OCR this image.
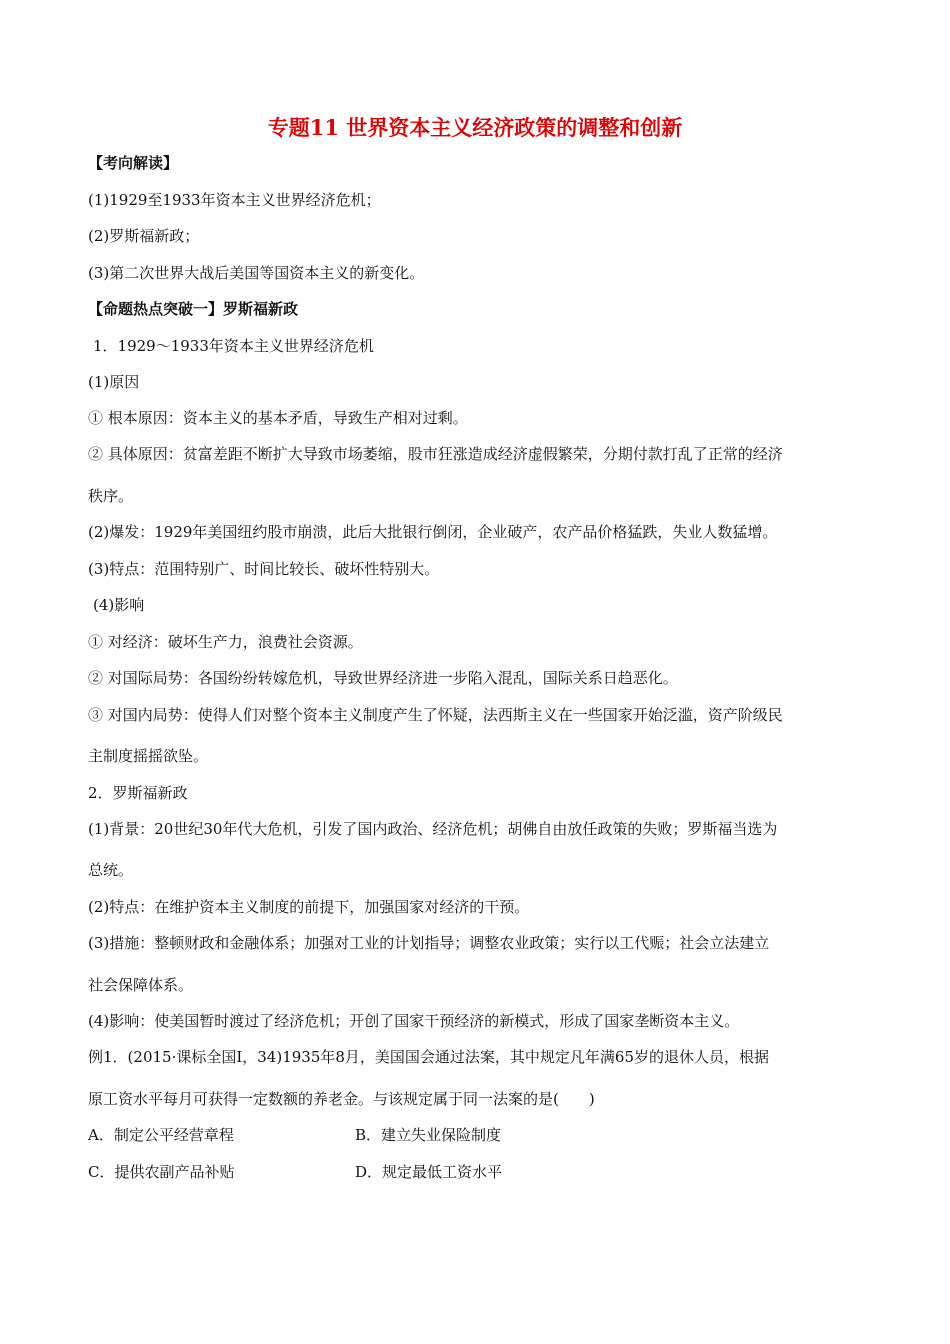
专题11 世界资本主义经济政策的调整和创新
【考向解读】
(1)1929至1933年资本主义世界经济危机；
(2)罗斯福新政；
(3)第二次世界大战后美国等国资本主义的新变化。
【命题热点突破一】罗斯福新政
1．1929～1933年资本主义世界经济危机
(1)原因
① 根本原因：资本主义的基本矛盾，导致生产相对过剩。
② 具体原因：贫富差距不断扩大导致市场萎缩，股市狂涨造成经济虚假繁荣，分期付款打乱了正常的经济
秩序。
(2)爆发：1929年美国纽约股市崩溃，此后大批银行倒闭，企业破产，农产品价格猛跌，失业人数猛增。
(3)特点：范围特别广、时间比较长、破坏性特别大。
(4)影响
① 对经济：破坏生产力，浪费社会资源。
② 对国际局势：各国纷纷转嫁危机，导致世界经济进一步陷入混乱，国际关系日趋恶化。
③ 对国内局势：使得人们对整个资本主义制度产生了怀疑，法西斯主义在一些国家开始泛滥，资产阶级民
主制度摇摇欲坠。
2．罗斯福新政
(1)背景：20世纪30年代大危机，引发了国内政治、经济危机；胡佛自由放任政策的失败；罗斯福当选为
总统。
(2)特点：在维护资本主义制度的前提下，加强国家对经济的干预。
(3)措施：整顿财政和金融体系；加强对工业的计划指导；调整农业政策；实行以工代赈；社会立法建立
社会保障体系。
(4)影响：使美国暂时渡过了经济危机；开创了国家干预经济的新模式，形成了国家垄断资本主义。
例1．(2015·课标全国Ⅰ，34)1935年8月，美国国会通过法案，其中规定凡年满65岁的退休人员，根据
原工资水平每月可获得一定数额的养老金。与该规定属于同一法案的是(　　)
A．制定公平经营章程	B．建立失业保险制度
C．提供农副产品补贴	D．规定最低工资水平
